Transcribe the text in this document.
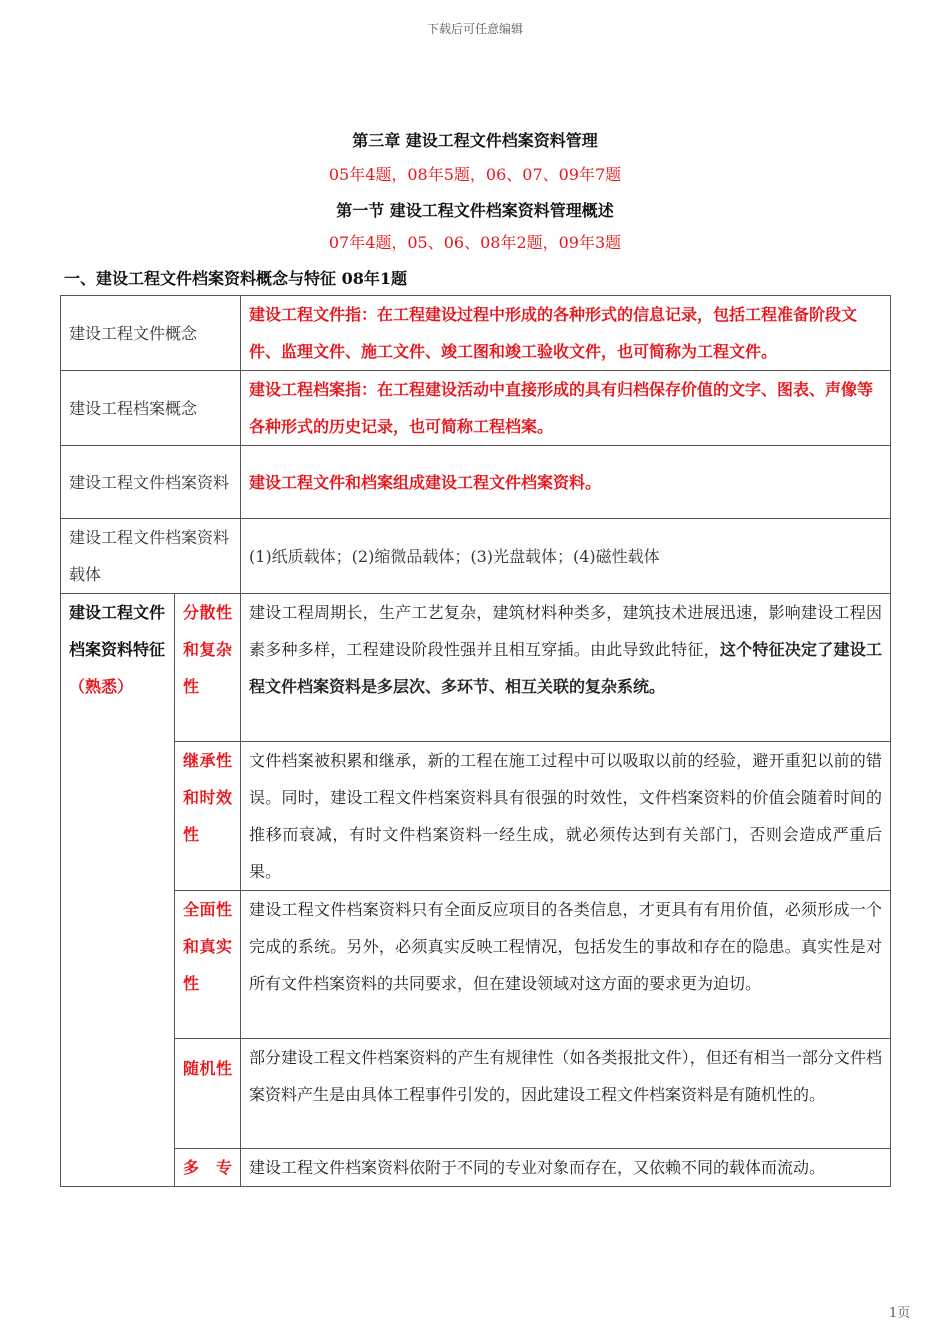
下载后可任意编辑
第三章 建设工程文件档案资料管理
05年4题，08年5题，06、07、09年7题
第一节 建设工程文件档案资料管理概述
07年4题，05、06、08年2题，09年3题
一、建设工程文件档案资料概念与特征 08年1题
建设工程文件概念		建设工程文件指：在工程建设过程中形成的各种形式的信息记录，包括工程准备阶段文件、监理文件、施工文件、竣工图和竣工验收文件，也可简称为工程文件。
建设工程档案概念		建设工程档案指：在工程建设活动中直接形成的具有归档保存价值的文字、图表、声像等各种形式的历史记录，也可简称工程档案。
建设工程文件档案资料		建设工程文件和档案组成建设工程文件档案资料。
建设工程文件档案资料载体		(1)纸质载体；(2)缩微品载体；(3)光盘载体；(4)磁性载体
建设工程文件档案资料特征（熟悉）	分散性和复杂性	建设工程周期长，生产工艺复杂，建筑材料种类多，建筑技术进展迅速，影响建设工程因素多种多样，工程建设阶段性强并且相互穿插。由此导致此特征，这个特征决定了建设工程文件档案资料是多层次、多环节、相互关联的复杂系统。
	继承性和时效性	文件档案被积累和继承，新的工程在施工过程中可以吸取以前的经验，避开重犯以前的错误。同时，建设工程文件档案资料具有很强的时效性，文件档案资料的价值会随着时间的推移而衰减，有时文件档案资料一经生成，就必须传达到有关部门，否则会造成严重后果。
	全面性和真实性	建设工程文件档案资料只有全面反应项目的各类信息，才更具有有用价值，必须形成一个完成的系统。另外，必须真实反映工程情况，包括发生的事故和存在的隐患。真实性是对所有文件档案资料的共同要求，但在建设领域对这方面的要求更为迫切。
	随机性	部分建设工程文件档案资料的产生有规律性（如各类报批文件），但还有相当一部分文件档案资料产生是由具体工程事件引发的，因此建设工程文件档案资料是有随机性的。
	多专	建设工程文件档案资料依附于不同的专业对象而存在，又依赖不同的载体而流动。
1页
